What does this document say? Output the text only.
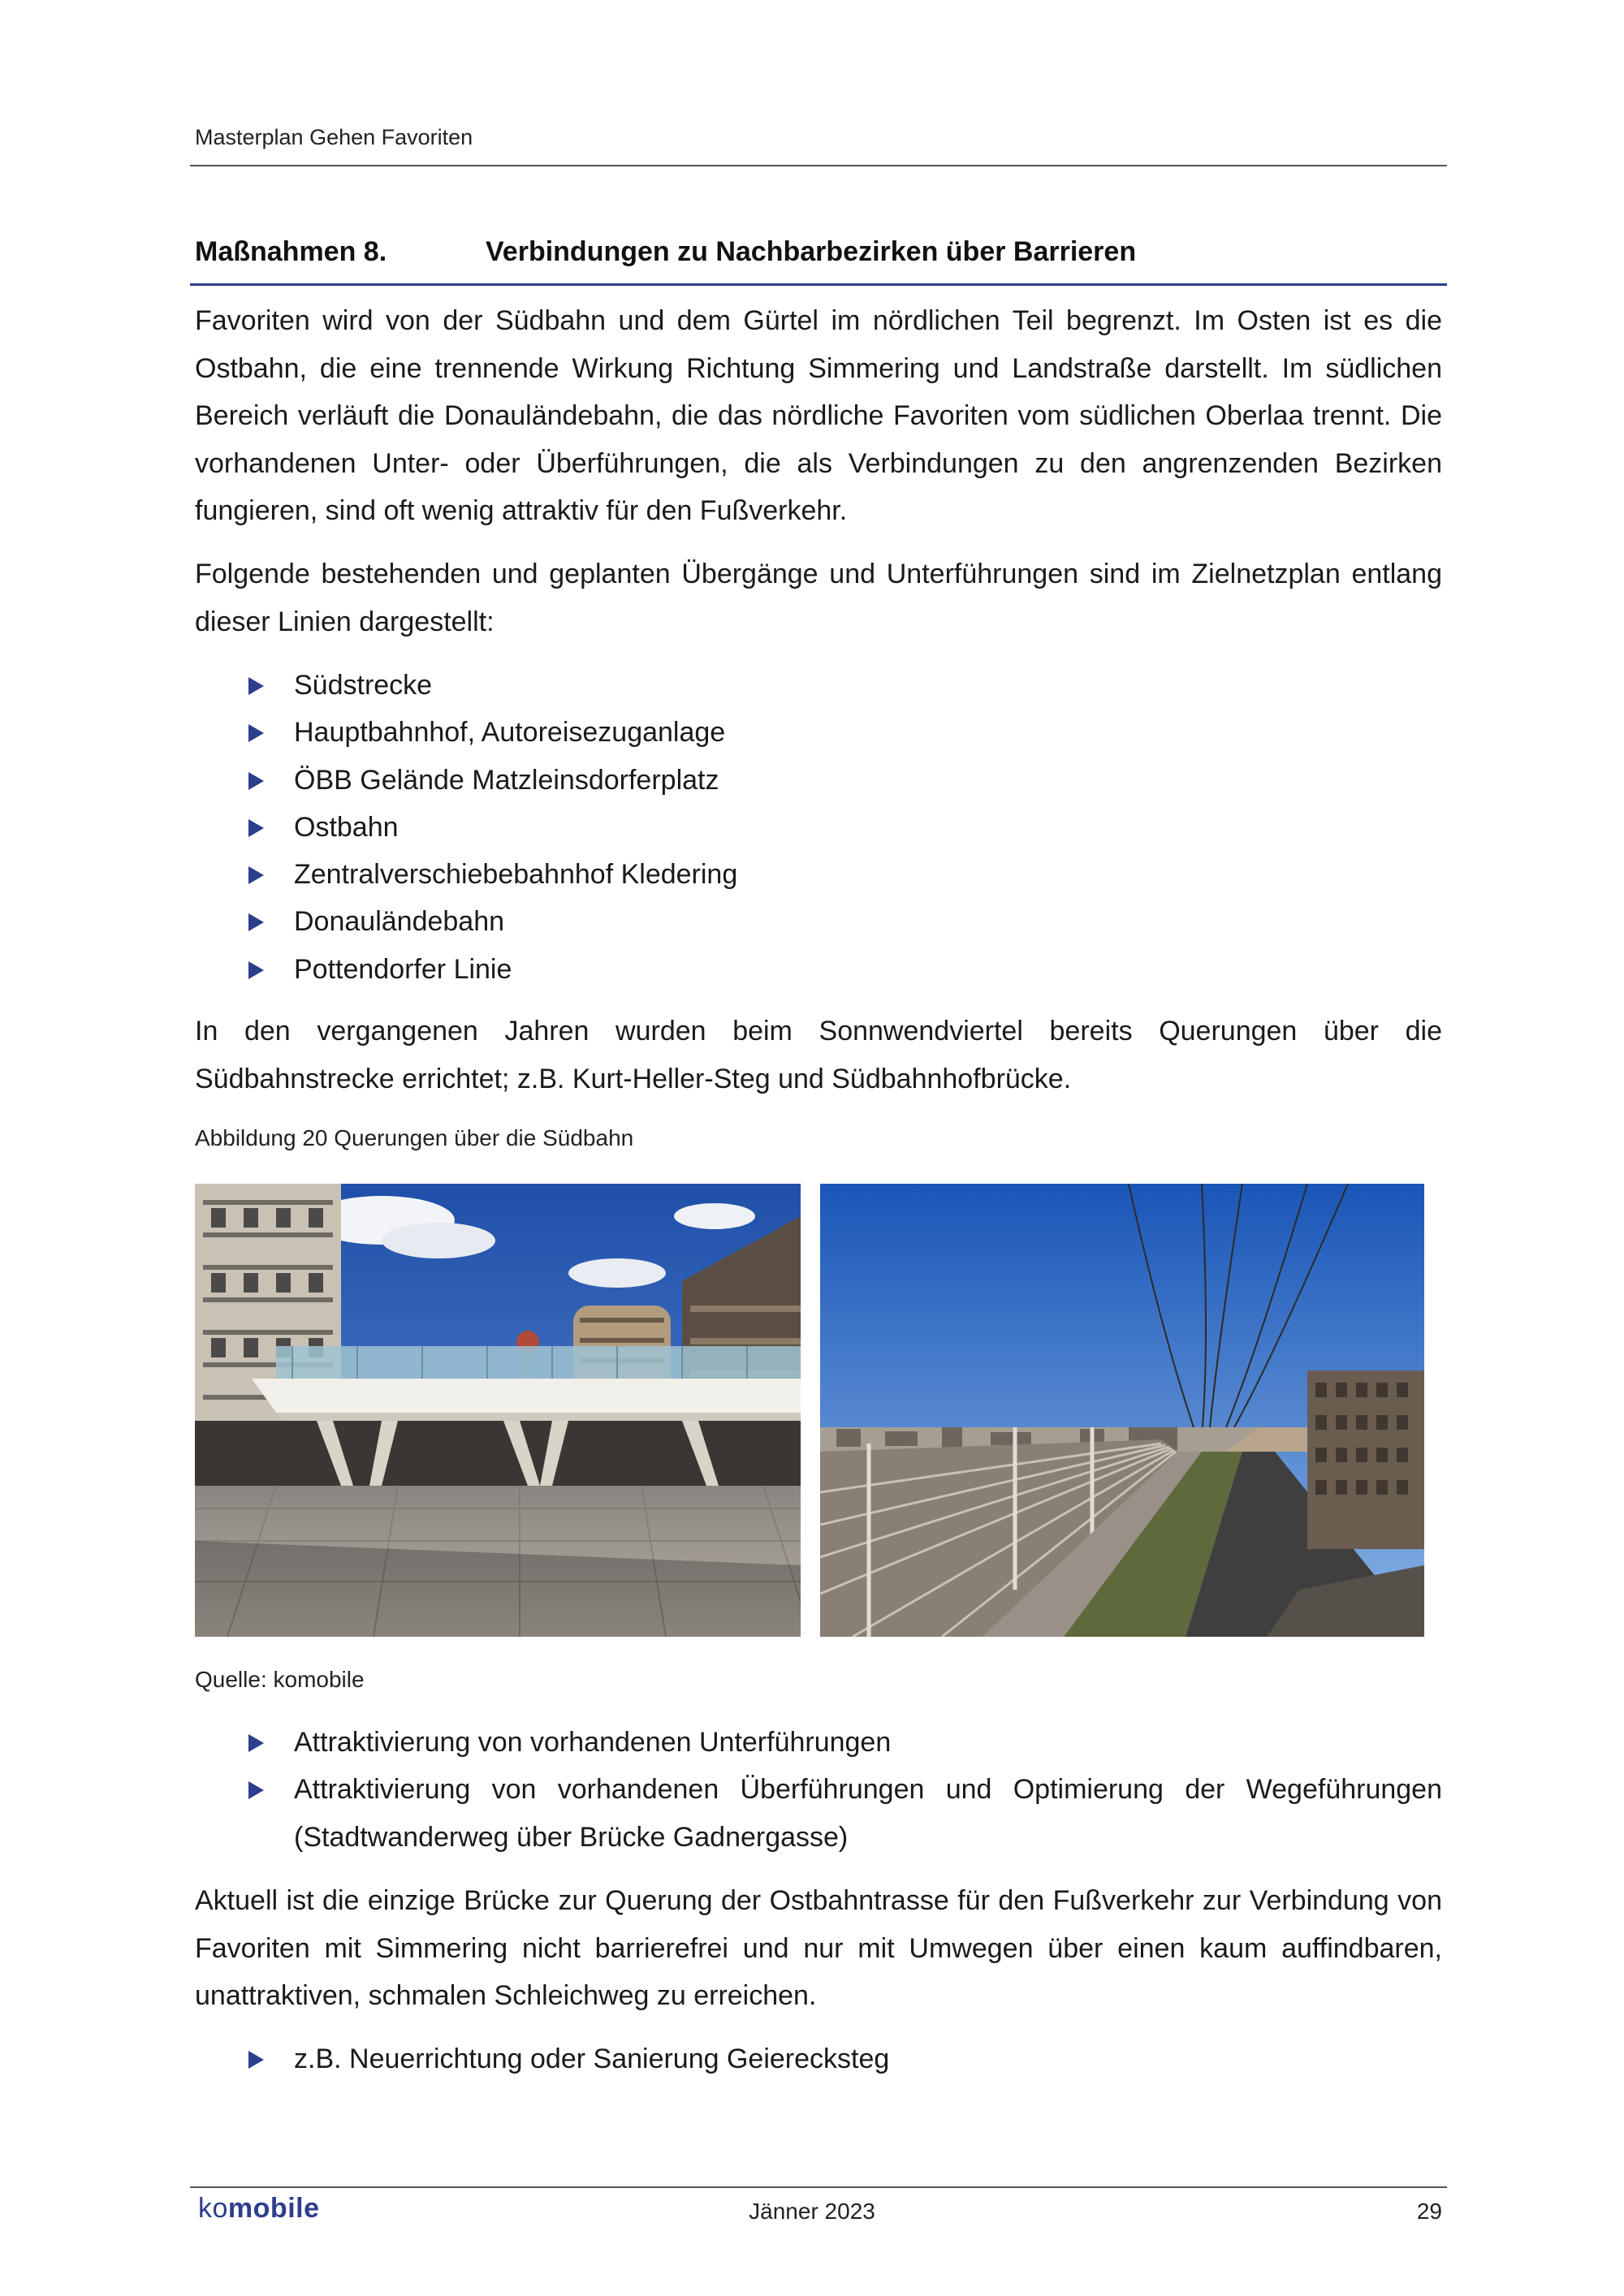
Masterplan Gehen Favoriten
Maßnahmen 8.	Verbindungen zu Nachbarbezirken über Barrieren
Favoriten wird von der Südbahn und dem Gürtel im nördlichen Teil begrenzt. Im Osten ist es die Ostbahn, die eine trennende Wirkung Richtung Simmering und Landstraße darstellt. Im südlichen Bereich verläuft die Donauländebahn, die das nördliche Favoriten vom südlichen Oberlaa trennt. Die vorhandenen Unter- oder Überführungen, die als Verbindungen zu den angrenzenden Bezirken fungieren, sind oft wenig attraktiv für den Fußverkehr.
Folgende bestehenden und geplanten Übergänge und Unterführungen sind im Zielnetzplan entlang dieser Linien dargestellt:
Südstrecke
Hauptbahnhof, Autoreisezuganlage
ÖBB Gelände Matzleinsdorferplatz
Ostbahn
Zentralverschiebebahnhof Kledering
Donauländebahn
Pottendorfer Linie
In den vergangenen Jahren wurden beim Sonnwendviertel bereits Querungen über die Südbahnstrecke errichtet; z.B. Kurt-Heller-Steg und Südbahnhofbrücke.
Abbildung 20 Querungen über die Südbahn
Quelle: komobile
Attraktivierung von vorhandenen Unterführungen
Attraktivierung von vorhandenen Überführungen und Optimierung der Wegeführungen (Stadtwanderweg über Brücke Gadnergasse)
Aktuell ist die einzige Brücke zur Querung der Ostbahntrasse für den Fußverkehr zur Verbindung von Favoriten mit Simmering nicht barrierefrei und nur mit Umwegen über einen kaum auffindbaren, unattraktiven, schmalen Schleichweg zu erreichen.
z.B. Neuerrichtung oder Sanierung Geierecksteg
komobile	Jänner 2023	29
